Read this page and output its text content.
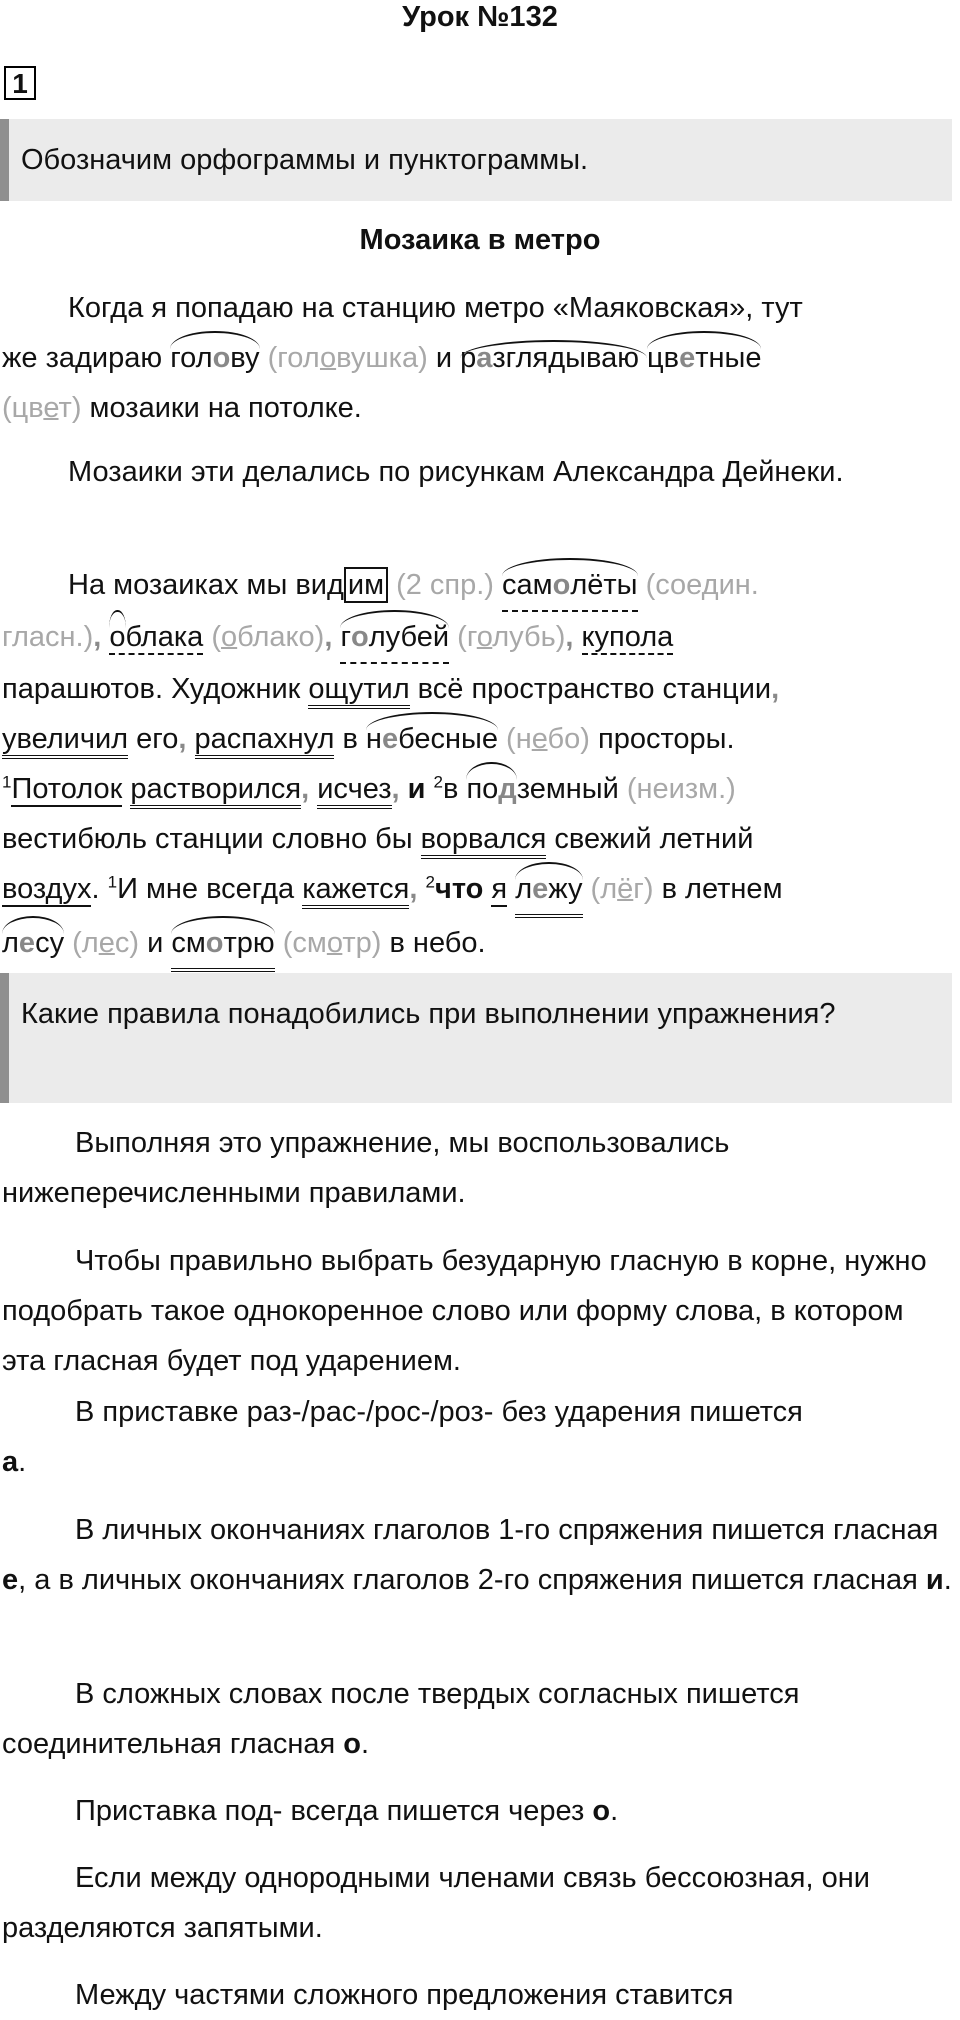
Урок №132
1
Обозначим орфограммы и пунктограммы.
Мозаика в метро

Когда я попадаю на станцию метро «Маяковская», тут
же задираю голову (головушка) и разглядываю цветные
(цвет) мозаики на потолке.

Мозаики эти делались по рисункам Александра Дейнеки.

На мозаиках мы вид им (2 спр.) самолёты (соедин.
гласн.), облака (облако), голубей (голубь), купола
парашютов. Художник ощутил всё пространство станции,
увеличил его, распахнул в небесные (небо) просторы.
$^1$Потолок растворился, исчез, и $^2$в подземный (неизм.)
вестибюль станции словно бы ворвался свежий летний
воздух. $^1$И мне всегда кажется, $^2$что я лежу (лёг) в летнем
лесу (лес) и смотрю (смотр) в небо.

Какие правила понадобились при выполнении упражнения?

Выполняя это упражнение, мы воспользовались нижеперечисленными правилами.

Чтобы правильно выбрать безударную гласную в корне, нужно подобрать такое однокоренное слово или форму слова, в котором эта гласная будет под ударением.

В приставке раз-/рас-/рос-/роз- без ударения пишется
а.

В личных окончаниях глаголов 1-го спряжения пишется гласная е, а в личных окончаниях глаголов 2-го спряжения пишется гласная и.

В сложных словах после твердых согласных пишется соединительная гласная о.

Приставка под- всегда пишется через о.

Если между однородными членами связь бессоюзная, они разделяются запятыми.

Между частями сложного предложения ставится
